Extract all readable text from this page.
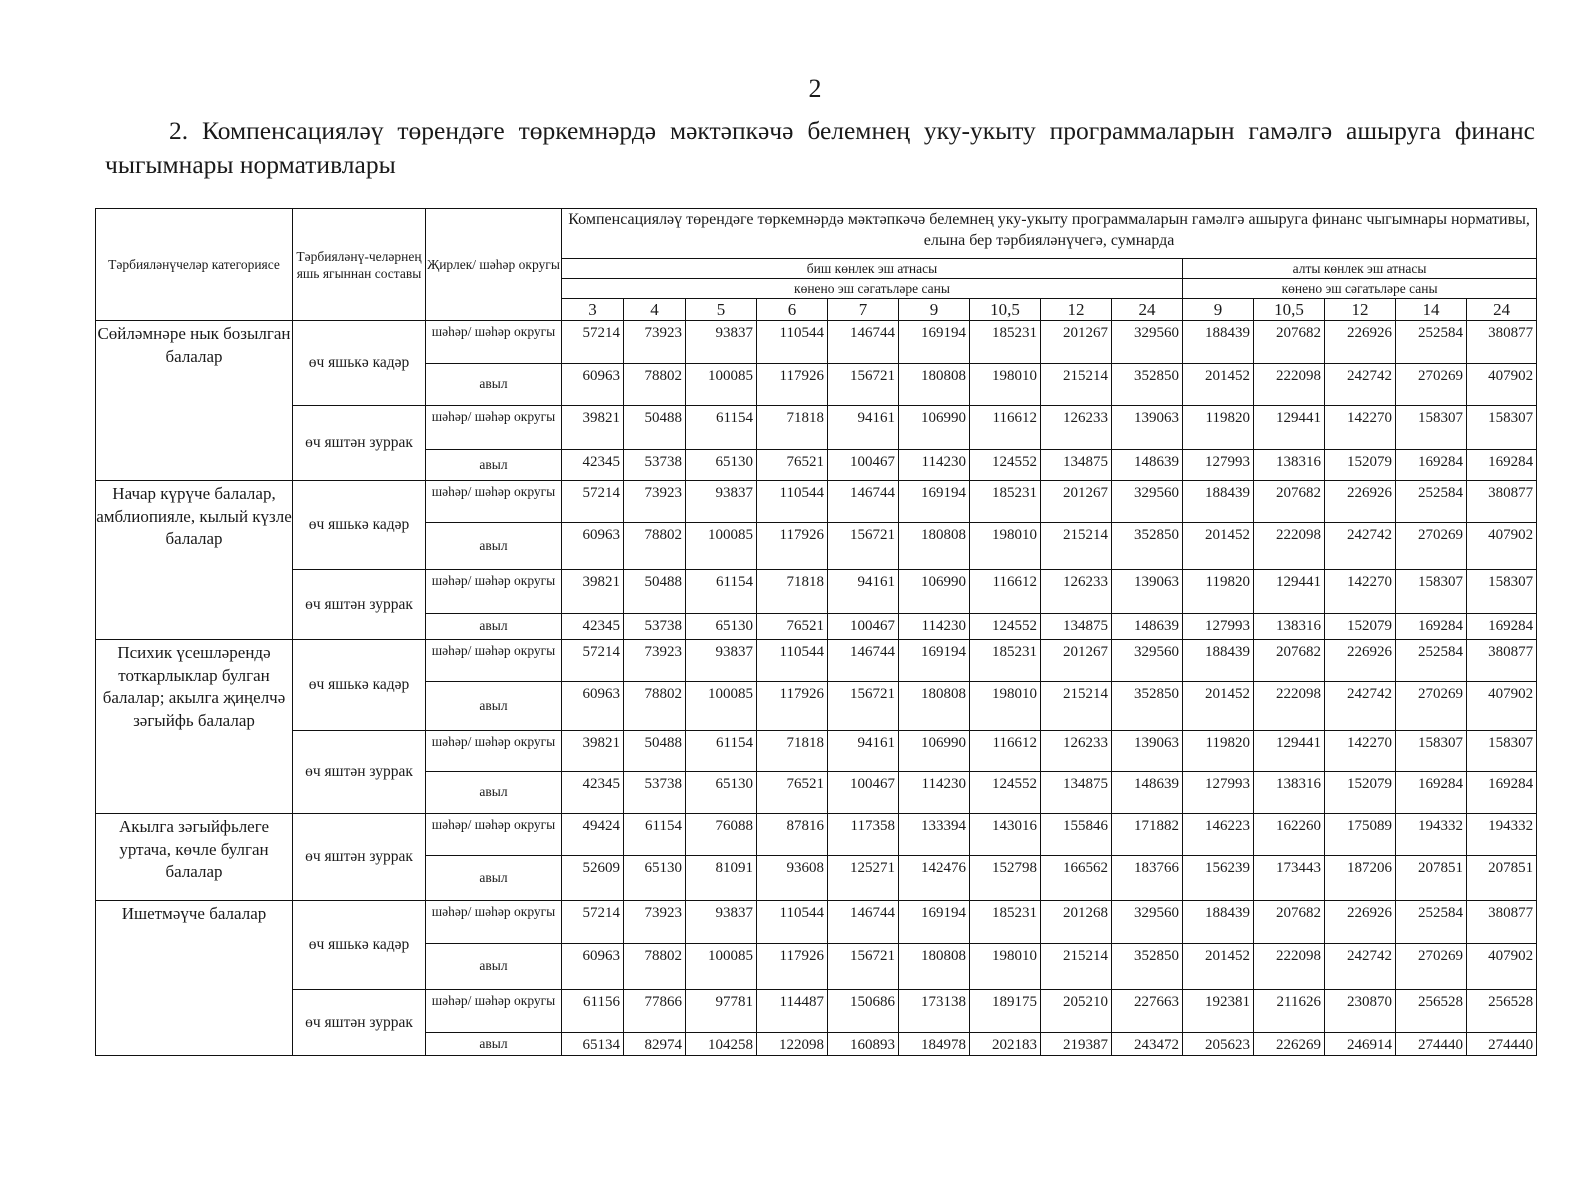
2
2. Компенсацияләү төрендәге төркемнәрдә мәктәпкәчә белемнең уку-укыту программаларын гамәлгә ашыруга финанс чыгымнары нормативлары
Тәрбияләнүчеләр категориясе	Тәрбияләнү-челәрнең яшь ягыннан составы	Җирлек/ шәһәр округы	Компенсацияләү төрендәге төркемнәрдә мәктәпкәчә белемнең уку-укыту программаларын гамәлгә ашыруга финанс чыгымнары нормативы, елына бер тәрбияләнүчегә, сумнарда													
			биш көнлек эш атнасы									алты көнлек эш атнасы				
			көнено эш сәгатьләре саны									көнено эш сәгатьләре саны				
			3	4	5	6	7	9	10,5	12	24	9	10,5	12	14	24
Сөйләмнәре нык бозылган балалар	өч яшькә кадәр	шәһәр/ шәһәр округы	57214	73923	93837	110544	146744	169194	185231	201267	329560	188439	207682	226926	252584	380877
		авыл	60963	78802	100085	117926	156721	180808	198010	215214	352850	201452	222098	242742	270269	407902
	өч яштән зуррак	шәһәр/ шәһәр округы	39821	50488	61154	71818	94161	106990	116612	126233	139063	119820	129441	142270	158307	158307
		авыл	42345	53738	65130	76521	100467	114230	124552	134875	148639	127993	138316	152079	169284	169284
Начар күрүче балалар, амблиопияле, кылый күзле балалар	өч яшькә кадәр	шәһәр/ шәһәр округы	57214	73923	93837	110544	146744	169194	185231	201267	329560	188439	207682	226926	252584	380877
		авыл	60963	78802	100085	117926	156721	180808	198010	215214	352850	201452	222098	242742	270269	407902
	өч яштән зуррак	шәһәр/ шәһәр округы	39821	50488	61154	71818	94161	106990	116612	126233	139063	119820	129441	142270	158307	158307
		авыл	42345	53738	65130	76521	100467	114230	124552	134875	148639	127993	138316	152079	169284	169284
Психик үсешләрендә тоткарлыклар булган балалар; акылга җиңелчә зәгыйфь балалар	өч яшькә кадәр	шәһәр/ шәһәр округы	57214	73923	93837	110544	146744	169194	185231	201267	329560	188439	207682	226926	252584	380877
		авыл	60963	78802	100085	117926	156721	180808	198010	215214	352850	201452	222098	242742	270269	407902
	өч яштән зуррак	шәһәр/ шәһәр округы	39821	50488	61154	71818	94161	106990	116612	126233	139063	119820	129441	142270	158307	158307
		авыл	42345	53738	65130	76521	100467	114230	124552	134875	148639	127993	138316	152079	169284	169284
Акылга зәгыйфьлеге уртача, көчле булган балалар	өч яштән зуррак	шәһәр/ шәһәр округы	49424	61154	76088	87816	117358	133394	143016	155846	171882	146223	162260	175089	194332	194332
		авыл	52609	65130	81091	93608	125271	142476	152798	166562	183766	156239	173443	187206	207851	207851
Ишетмәүче балалар	өч яшькә кадәр	шәһәр/ шәһәр округы	57214	73923	93837	110544	146744	169194	185231	201268	329560	188439	207682	226926	252584	380877
		авыл	60963	78802	100085	117926	156721	180808	198010	215214	352850	201452	222098	242742	270269	407902
	өч яштән зуррак	шәһәр/ шәһәр округы	61156	77866	97781	114487	150686	173138	189175	205210	227663	192381	211626	230870	256528	256528
		авыл	65134	82974	104258	122098	160893	184978	202183	219387	243472	205623	226269	246914	274440	274440
